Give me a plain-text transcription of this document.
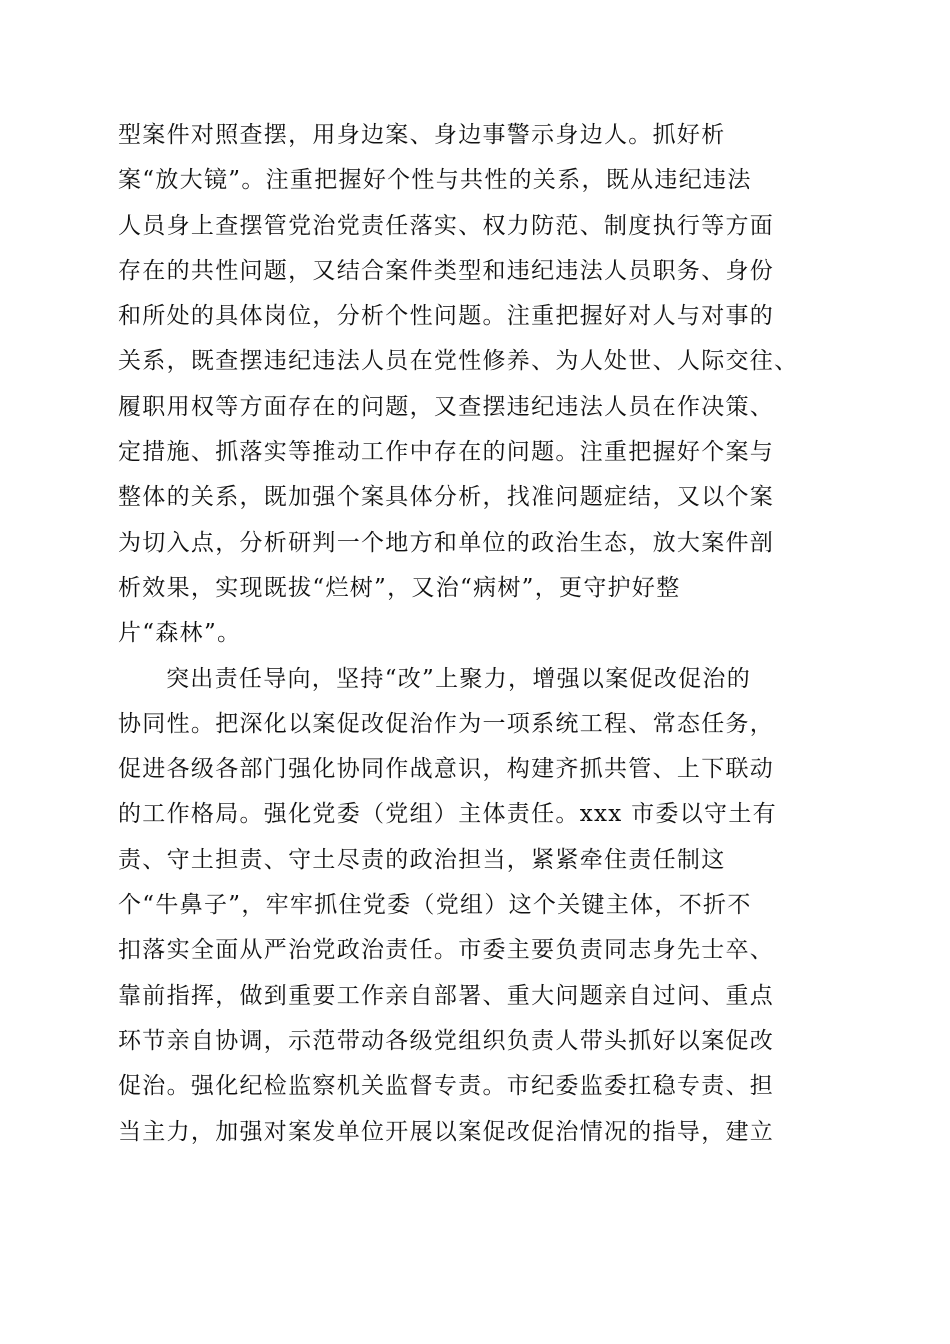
型案件对照查摆，用身边案、身边事警示身边人。抓好析
案“放大镜”。注重把握好个性与共性的关系，既从违纪违法
人员身上查摆管党治党责任落实、权力防范、制度执行等方面
存在的共性问题，又结合案件类型和违纪违法人员职务、身份
和所处的具体岗位，分析个性问题。注重把握好对人与对事的
关系，既查摆违纪违法人员在党性修养、为人处世、人际交往、
履职用权等方面存在的问题，又查摆违纪违法人员在作决策、
定措施、抓落实等推动工作中存在的问题。注重把握好个案与
整体的关系，既加强个案具体分析，找准问题症结，又以个案
为切入点，分析研判一个地方和单位的政治生态，放大案件剖
析效果，实现既拔“烂树”，又治“病树”，更守护好整
片“森林”。
突出责任导向，坚持“改”上聚力，增强以案促改促治的
协同性。把深化以案促改促治作为一项系统工程、常态任务，
促进各级各部门强化协同作战意识，构建齐抓共管、上下联动
的工作格局。强化党委（党组）主体责任。xxx 市委以守土有
责、守土担责、守土尽责的政治担当，紧紧牵住责任制这
个“牛鼻子”，牢牢抓住党委（党组）这个关键主体，不折不
扣落实全面从严治党政治责任。市委主要负责同志身先士卒、
靠前指挥，做到重要工作亲自部署、重大问题亲自过问、重点
环节亲自协调，示范带动各级党组织负责人带头抓好以案促改
促治。强化纪检监察机关监督专责。市纪委监委扛稳专责、担
当主力，加强对案发单位开展以案促改促治情况的指导，建立
